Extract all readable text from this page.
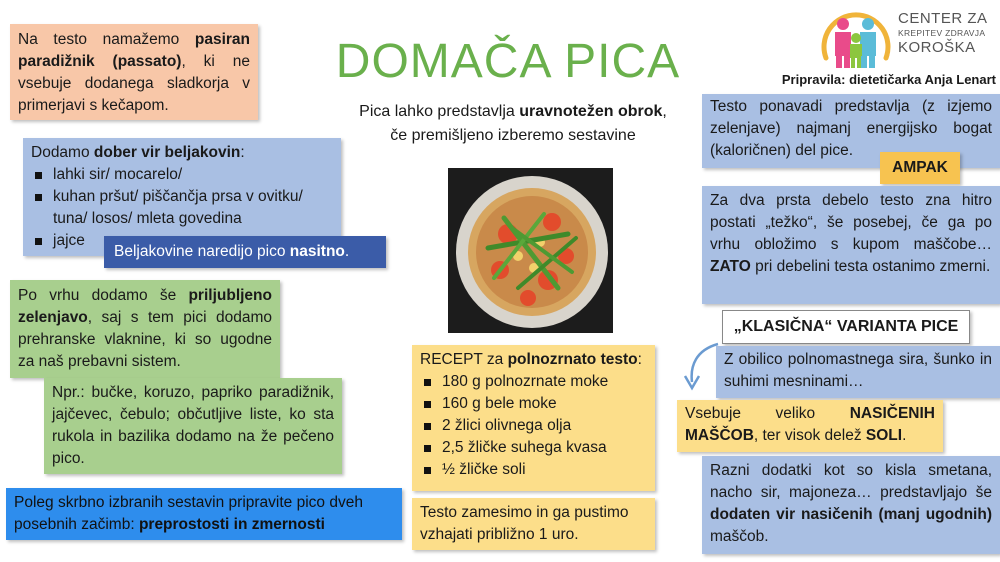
DOMAČA PICA
Pica lahko predstavlja uravnotežen obrok,
če premišljeno izberemo sestavine
CENTER ZA
KREPITEV ZDRAVJA
KOROŠKA
Pripravila: dietetičarka Anja Lenart
Na testo namažemo pasiran paradižnik (passato), ki ne vsebuje dodanega sladkorja v primerjavi s kečapom.
Dodamo dober vir beljakovin:
lahki sir/ mocarelo/
kuhan pršut/ piščančja prsa v ovitku/ tuna/ losos/ mleta govedina
jajce
Beljakovine naredijo pico nasitno.
Po vrhu dodamo še priljubljeno zelenjavo, saj s tem pici dodamo prehranske vlaknine, ki so ugodne za naš prebavni sistem.
Npr.: bučke, koruzo, papriko paradižnik, jajčevec, čebulo; občutljive liste, ko sta rukola in bazilika dodamo na že pečeno pico.
Poleg skrbno izbranih sestavin pripravite pico dveh posebnih začimb: preprostosti in zmernosti
RECEPT za polnozrnato testo:
180 g polnozrnate moke
160 g bele moke
2 žlici olivnega olja
2,5 žličke suhega kvasa
½ žličke soli
Testo zamesimo in ga pustimo vzhajati približno 1 uro.
Testo ponavadi predstavlja (z izjemo zelenjave) najmanj energijsko bogat (kaloričnen) del pice.
AMPAK
Za dva prsta debelo testo zna hitro postati „težko“, še posebej, če ga po vrhu obložimo s kupom maščobe… ZATO pri debelini testa ostanimo zmerni.
„KLASIČNA“ VARIANTA PICE
Z obilico polnomastnega sira, šunko in suhimi mesninami…
Vsebuje veliko NASIČENIH MAŠČOB, ter visok delež SOLI.
Razni dodatki kot so kisla smetana, nacho sir, majoneza… predstavljajo še dodaten vir nasičenih (manj ugodnih) maščob.
